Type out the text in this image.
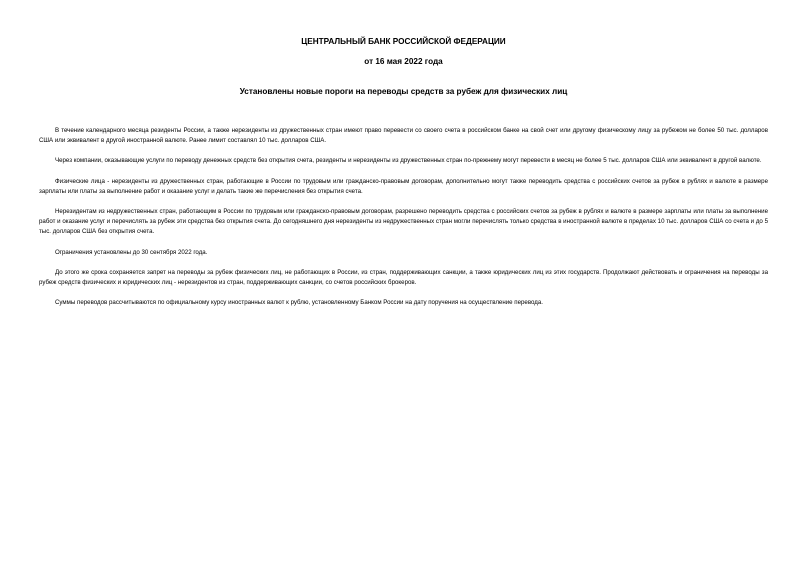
ЦЕНТРАЛЬНЫЙ БАНК РОССИЙСКОЙ ФЕДЕРАЦИИ
от 16 мая 2022 года
Установлены новые пороги на переводы средств за рубеж для физических лиц

В течение календарного месяца резиденты России, а также нерезиденты из дружественных стран имеют право перевести со своего счета в российском банке на свой счет или другому физическому лицу за рубежом не более 50 тыс. долларов США или эквивалент в другой иностранной валюте. Ранее лимит составлял 10 тыс. долларов США.

Через компании, оказывающие услуги по переводу денежных средств без открытия счета, резиденты и нерезиденты из дружественных стран по-прежнему могут перевести в месяц не более 5 тыс. долларов США или эквивалент в другой валюте.

Физические лица - нерезиденты из дружественных стран, работающие в России по трудовым или гражданско-правовым договорам, дополнительно могут также переводить средства с российских счетов за рубеж в рублях и валюте в размере зарплаты или платы за выполнение работ и оказание услуг и делать такие же перечисления без открытия счета.

Нерезидентам из недружественных стран, работающим в России по трудовым или гражданско-правовым договорам, разрешено переводить средства с российских счетов за рубеж в рублях и валюте в размере зарплаты или платы за выполнение работ и оказание услуг и перечислять за рубеж эти средства без открытия счета. До сегодняшнего дня нерезиденты из недружественных стран могли перечислять только средства в иностранной валюте в пределах 10 тыс. долларов США со счета и до 5 тыс. долларов США без открытия счета.

Ограничения установлены до 30 сентября 2022 года.

До этого же срока сохраняется запрет на переводы за рубеж физических лиц, не работающих в России, из стран, поддерживающих санкции, а также юридических лиц из этих государств. Продолжают действовать и ограничения на переводы за рубеж средств физических и юридических лиц - нерезидентов из стран, поддерживающих санкции, со счетов российских брокеров.

Суммы переводов рассчитываются по официальному курсу иностранных валют к рублю, установленному Банком России на дату поручения на осуществление перевода.
